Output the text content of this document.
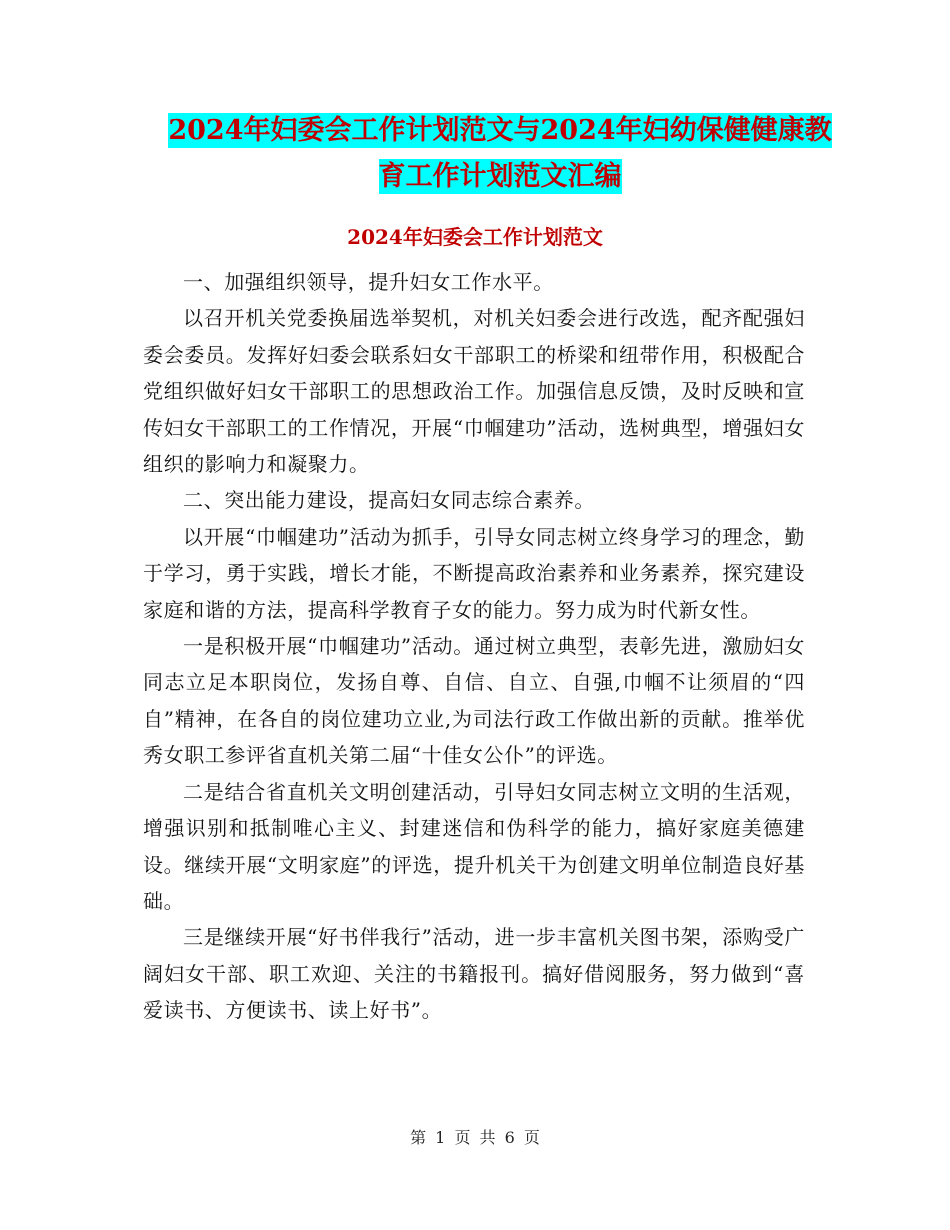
2024年妇委会工作计划范文与2024年妇幼保健健康教
育工作计划范文汇编
2024年妇委会工作计划范文

一、加强组织领导，提升妇女工作水平。

以召开机关党委换届选举契机，对机关妇委会进行改选，配齐配强妇委会委员。发挥好妇委会联系妇女干部职工的桥梁和纽带作用，积极配合党组织做好妇女干部职工的思想政治工作。加强信息反馈，及时反映和宣传妇女干部职工的工作情况，开展“巾帼建功”活动，选树典型，增强妇女组织的影响力和凝聚力。

二、突出能力建设，提高妇女同志综合素养。

以开展“巾帼建功”活动为抓手，引导女同志树立终身学习的理念，勤于学习，勇于实践，增长才能，不断提高政治素养和业务素养，探究建设家庭和谐的方法，提高科学教育子女的能力。努力成为时代新女性。

一是积极开展“巾帼建功”活动。通过树立典型，表彰先进，激励妇女同志立足本职岗位，发扬自尊、自信、自立、自强,巾帼不让须眉的“四自”精神，在各自的岗位建功立业,为司法行政工作做出新的贡献。推举优秀女职工参评省直机关第二届“十佳女公仆”的评选。

二是结合省直机关文明创建活动，引导妇女同志树立文明的生活观，增强识别和抵制唯心主义、封建迷信和伪科学的能力，搞好家庭美德建设。继续开展“文明家庭”的评选，提升机关干为创建文明单位制造良好基础。

三是继续开展“好书伴我行”活动，进一步丰富机关图书架，添购受广阔妇女干部、职工欢迎、关注的书籍报刊。搞好借阅服务，努力做到“喜爱读书、方便读书、读上好书”。

第 1 页 共 6 页
